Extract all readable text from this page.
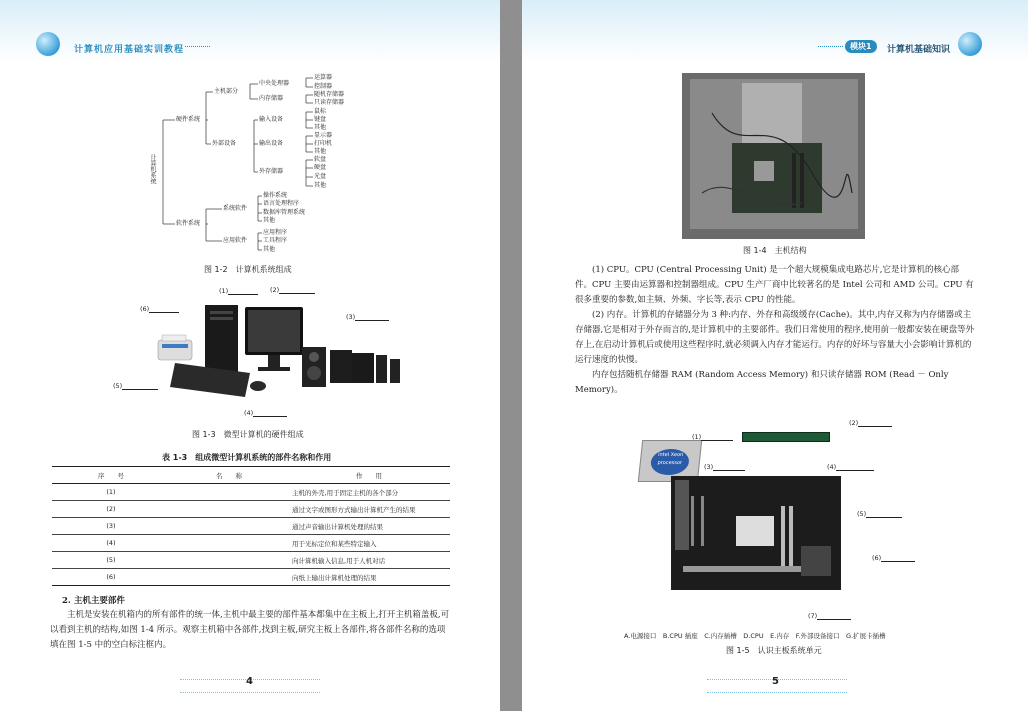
计算机应用基础实训教程
计算机系统
硬件系统
软件系统
主机部分
外部设备
中央处理器
内存储器
运算器
控制器
随机存储器
只读存储器
输入设备
鼠标
键盘
其他
输出设备
显示器
打印机
其他
外存储器
软盘
硬盘
光盘
其他
系统软件
操作系统
语言处理程序
数据库管理系统
其他
应用软件
应用程序
工具程序
其他
图 1-2　计算机系统组成
(1)	(2)
(3)
(4)
(5)
(6)
图 1-3　微型计算机的硬件组成
表 1-3　组成微型计算机系统的部件名称和作用
序　　号	名　　称	作　　用
(1)		主机的外壳,用于固定主机的各个部分
(2)		通过文字或图形方式输出计算机产生的结果
(3)		通过声音输出计算机处理的结果
(4)		用于光标定位和某些特定输入
(5)		向计算机输入信息,用于人机对话
(6)		向纸上输出计算机处理的结果
2. 主机主要部件
主机是安装在机箱内的所有部件的统一体,主机中最主要的部件基本都集中在主板上,打开主机箱盖板,可以看到主机的结构,如图 1-4 所示。观察主机箱中各部件,找到主板,研究主板上各部件,将各部件名称的选项填在图 1-5 中的空白标注框内。
4
模块1	计算机基础知识
图 1-4　主机结构
(1) CPU。CPU (Central Processing Unit) 是一个超大规模集成电路芯片,它是计算机的核心部件。CPU 主要由运算器和控制器组成。CPU 生产厂商中比较著名的是 Intel 公司和 AMD 公司。CPU 有很多重要的参数,如主频、外频、字长等,表示 CPU 的性能。
(2) 内存。计算机的存储器分为 3 种:内存、外存和高级缓存(Cache)。其中,内存又称为内存储器或主存储器,它是相对于外存而言的,是计算机中的主要部件。我们日常使用的程序,使用前一般都安装在硬盘等外存上,在启动计算机后或使用这些程序时,就必须调入内存才能运行。内存的好坏与容量大小会影响计算机的运行速度的快慢。
内存包括随机存储器 RAM (Random Access Memory) 和只读存储器 ROM (Read － Only Memory)。
intel Xeon processor
(1)
(2)
(3)	(4)
(5)
(6)
(7)
A.电源接口　B.CPU 插座　C.内存插槽　D.CPU　E.内存　F.外部设备接口　G.扩展卡插槽
图 1-5　认识主板系统单元
5
